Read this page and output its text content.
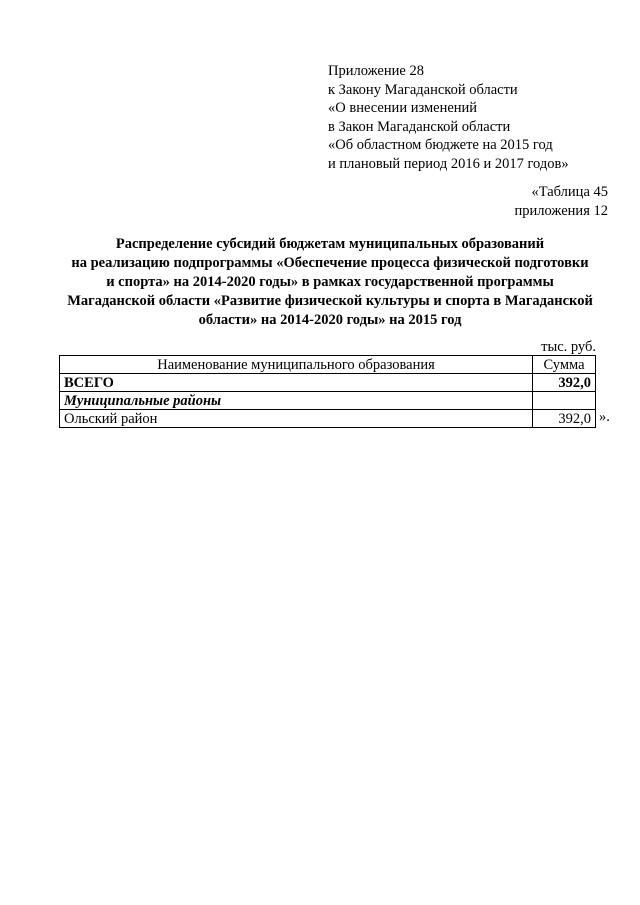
Приложение 28
к Закону Магаданской области
«О внесении изменений
в Закон Магаданской области
«Об областном бюджете на 2015 год
и плановый период 2016 и 2017 годов»
«Таблица 45
приложения 12
Распределение субсидий бюджетам муниципальных образований
на реализацию подпрограммы «Обеспечение процесса физической подготовки
и спорта» на 2014-2020 годы» в рамках государственной программы
Магаданской области «Развитие физической культуры и спорта в Магаданской
области» на 2014-2020 годы» на 2015 год
тыс. руб.
Наименование муниципального образования	Сумма
ВСЕГО	392,0
Муниципальные районы	
Ольский район	392,0 ».
